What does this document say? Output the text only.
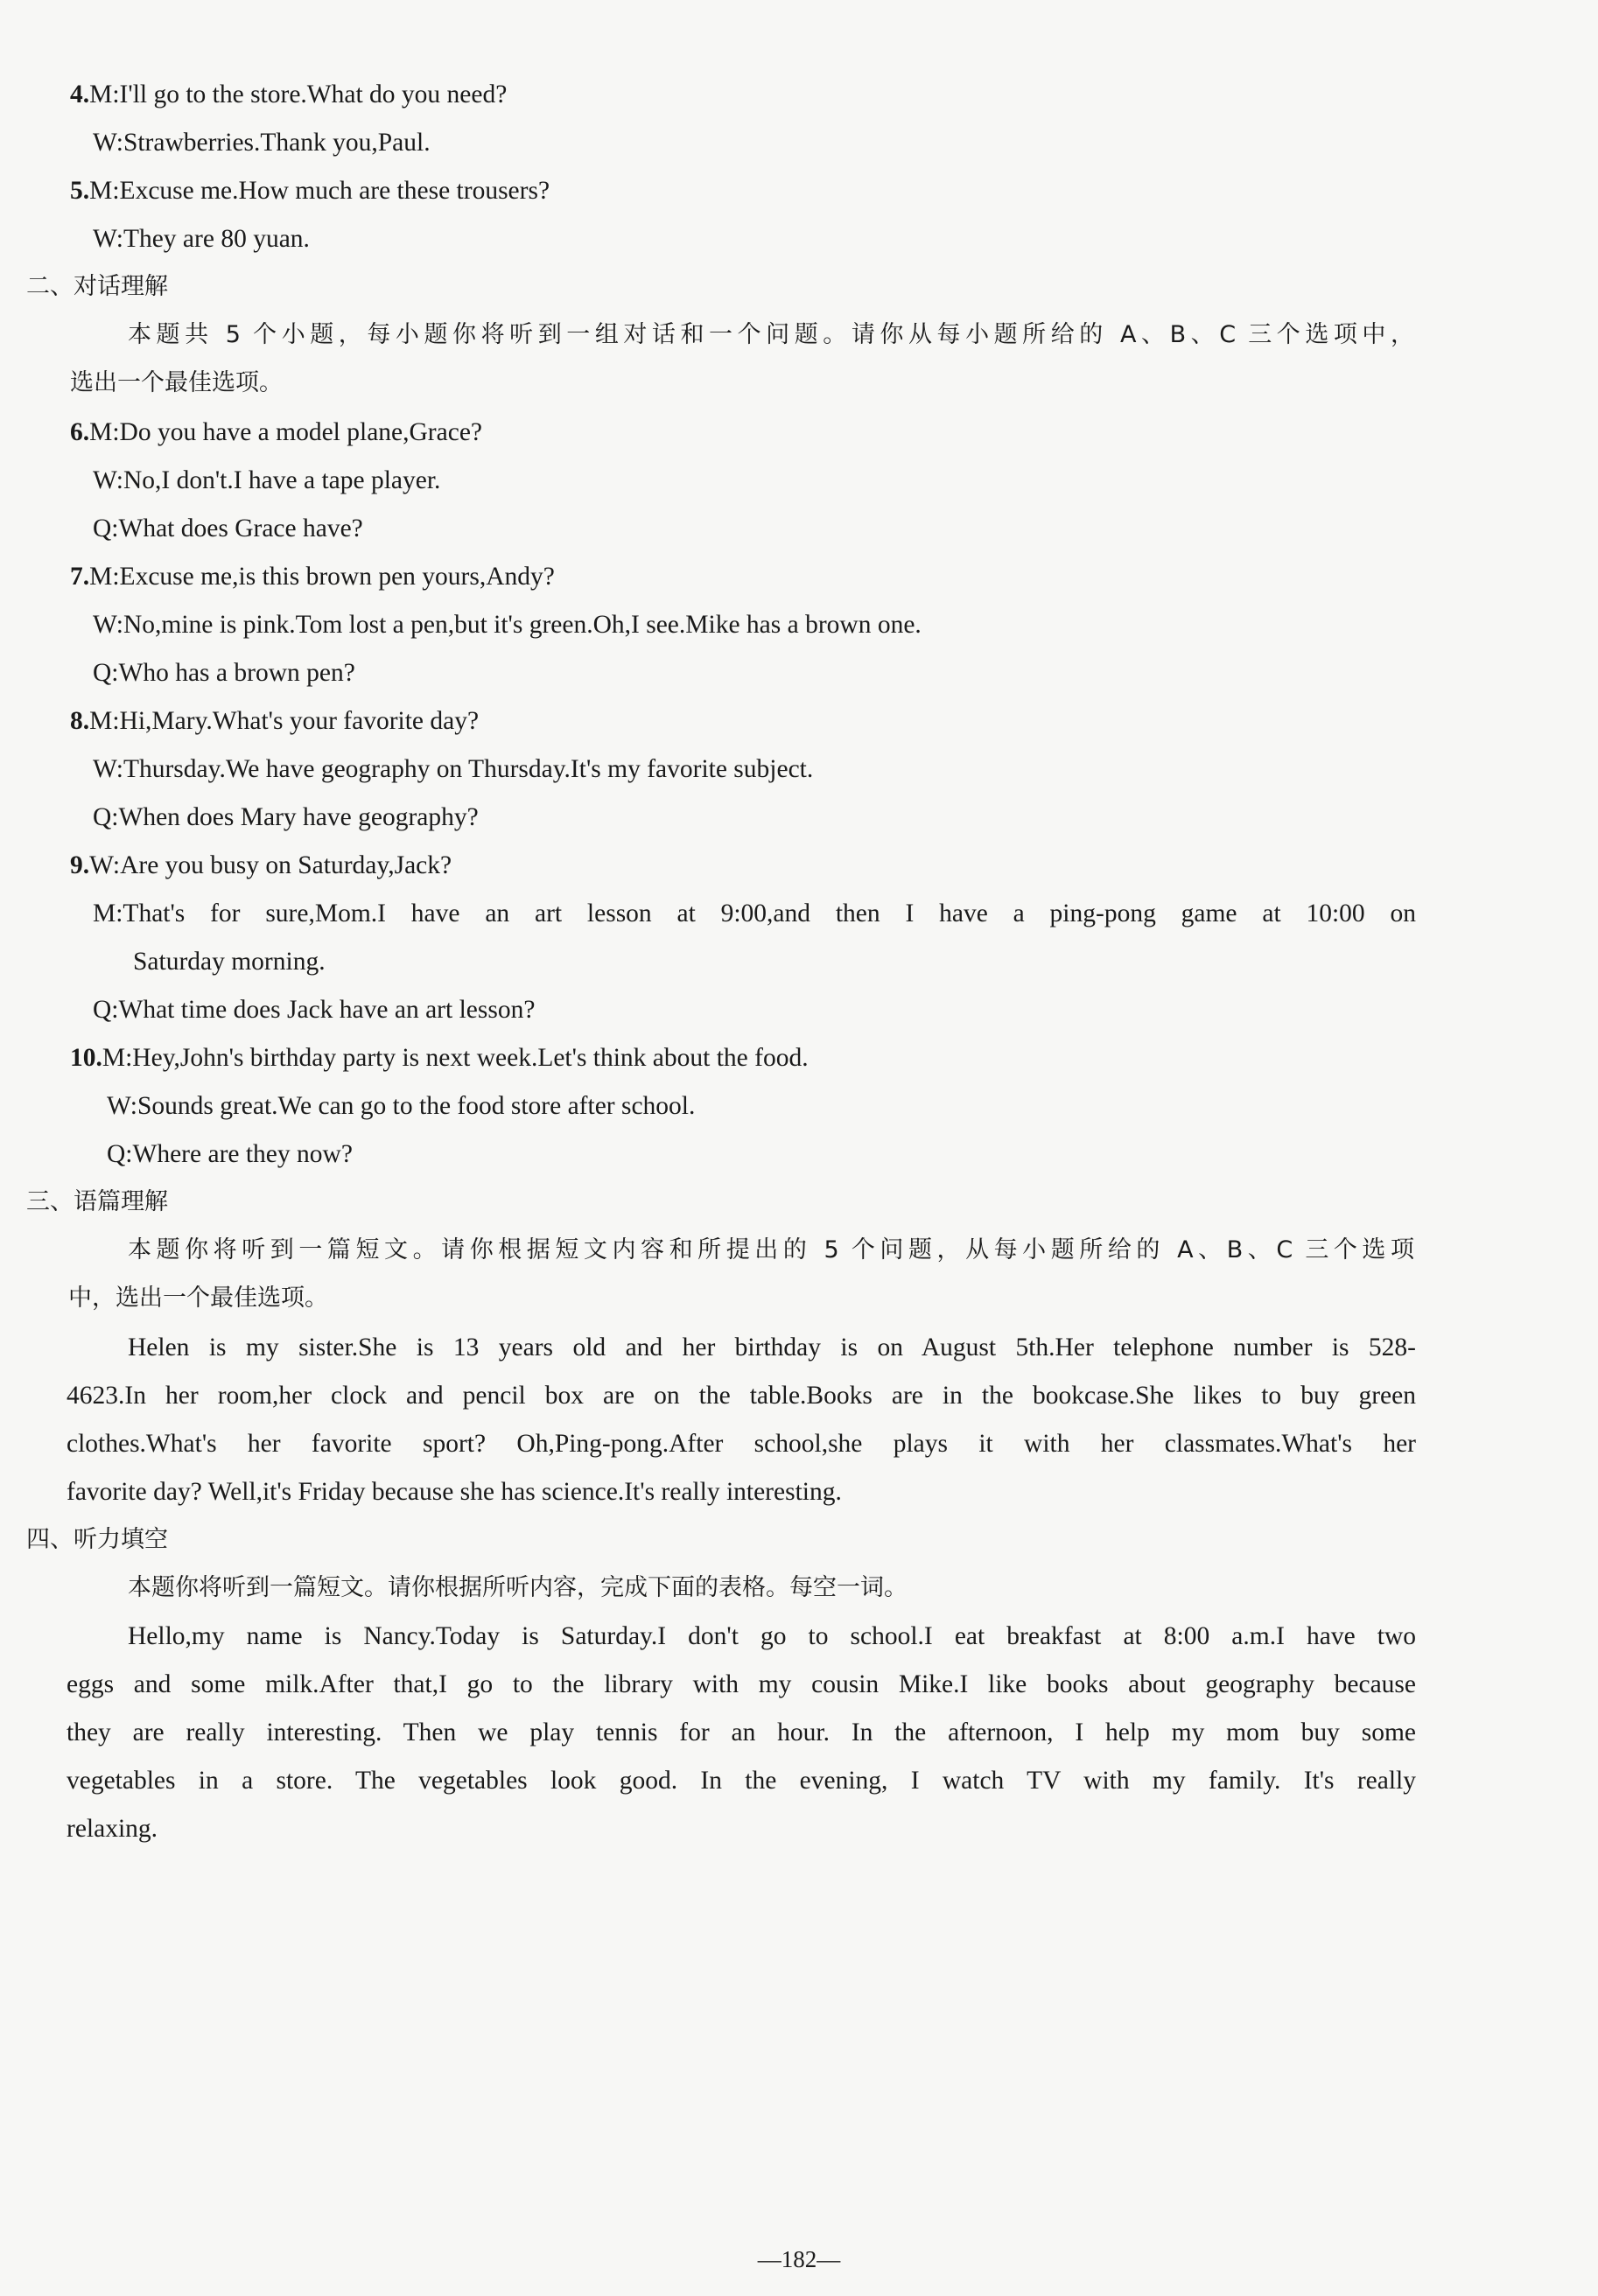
4.M:I'll go to the store.What do you need?
W:Strawberries.Thank you,Paul.
5.M:Excuse me.How much are these trousers?
W:They are 80 yuan.
二、对话理解
本题共 5 个小题，每小题你将听到一组对话和一个问题。请你从每小题所给的 A、B、C 三个选项中，
选出一个最佳选项。
6.M:Do you have a model plane,Grace?
W:No,I don't.I have a tape player.
Q:What does Grace have?
7.M:Excuse me,is this brown pen yours,Andy?
W:No,mine is pink.Tom lost a pen,but it's green.Oh,I see.Mike has a brown one.
Q:Who has a brown pen?
8.M:Hi,Mary.What's your favorite day?
W:Thursday.We have geography on Thursday.It's my favorite subject.
Q:When does Mary have geography?
9.W:Are you busy on Saturday,Jack?
M:That's for sure,Mom.I have an art lesson at 9:00,and then I have a ping-pong game at 10:00 on
Saturday morning.
Q:What time does Jack have an art lesson?
10.M:Hey,John's birthday party is next week.Let's think about the food.
W:Sounds great.We can go to the food store after school.
Q:Where are they now?
三、语篇理解
本题你将听到一篇短文。请你根据短文内容和所提出的 5 个问题，从每小题所给的 A、B、C 三个选项
中，选出一个最佳选项。
Helen is my sister.She is 13 years old and her birthday is on August 5th.Her telephone number is 528-
4623.In her room,her clock and pencil box are on the table.Books are in the bookcase.She likes to buy green
clothes.What's her favorite sport? Oh,Ping-pong.After school,she plays it with her classmates.What's her
favorite day? Well,it's Friday because she has science.It's really interesting.
四、听力填空
本题你将听到一篇短文。请你根据所听内容，完成下面的表格。每空一词。
Hello,my name is Nancy.Today is Saturday.I don't go to school.I eat breakfast at 8:00 a.m.I have two
eggs and some milk.After that,I go to the library with my cousin Mike.I like books about geography because
they are really interesting. Then we play tennis for an hour. In the afternoon, I help my mom buy some
vegetables in a store. The vegetables look good. In the evening, I watch TV with my family. It's really
relaxing.
—182—
